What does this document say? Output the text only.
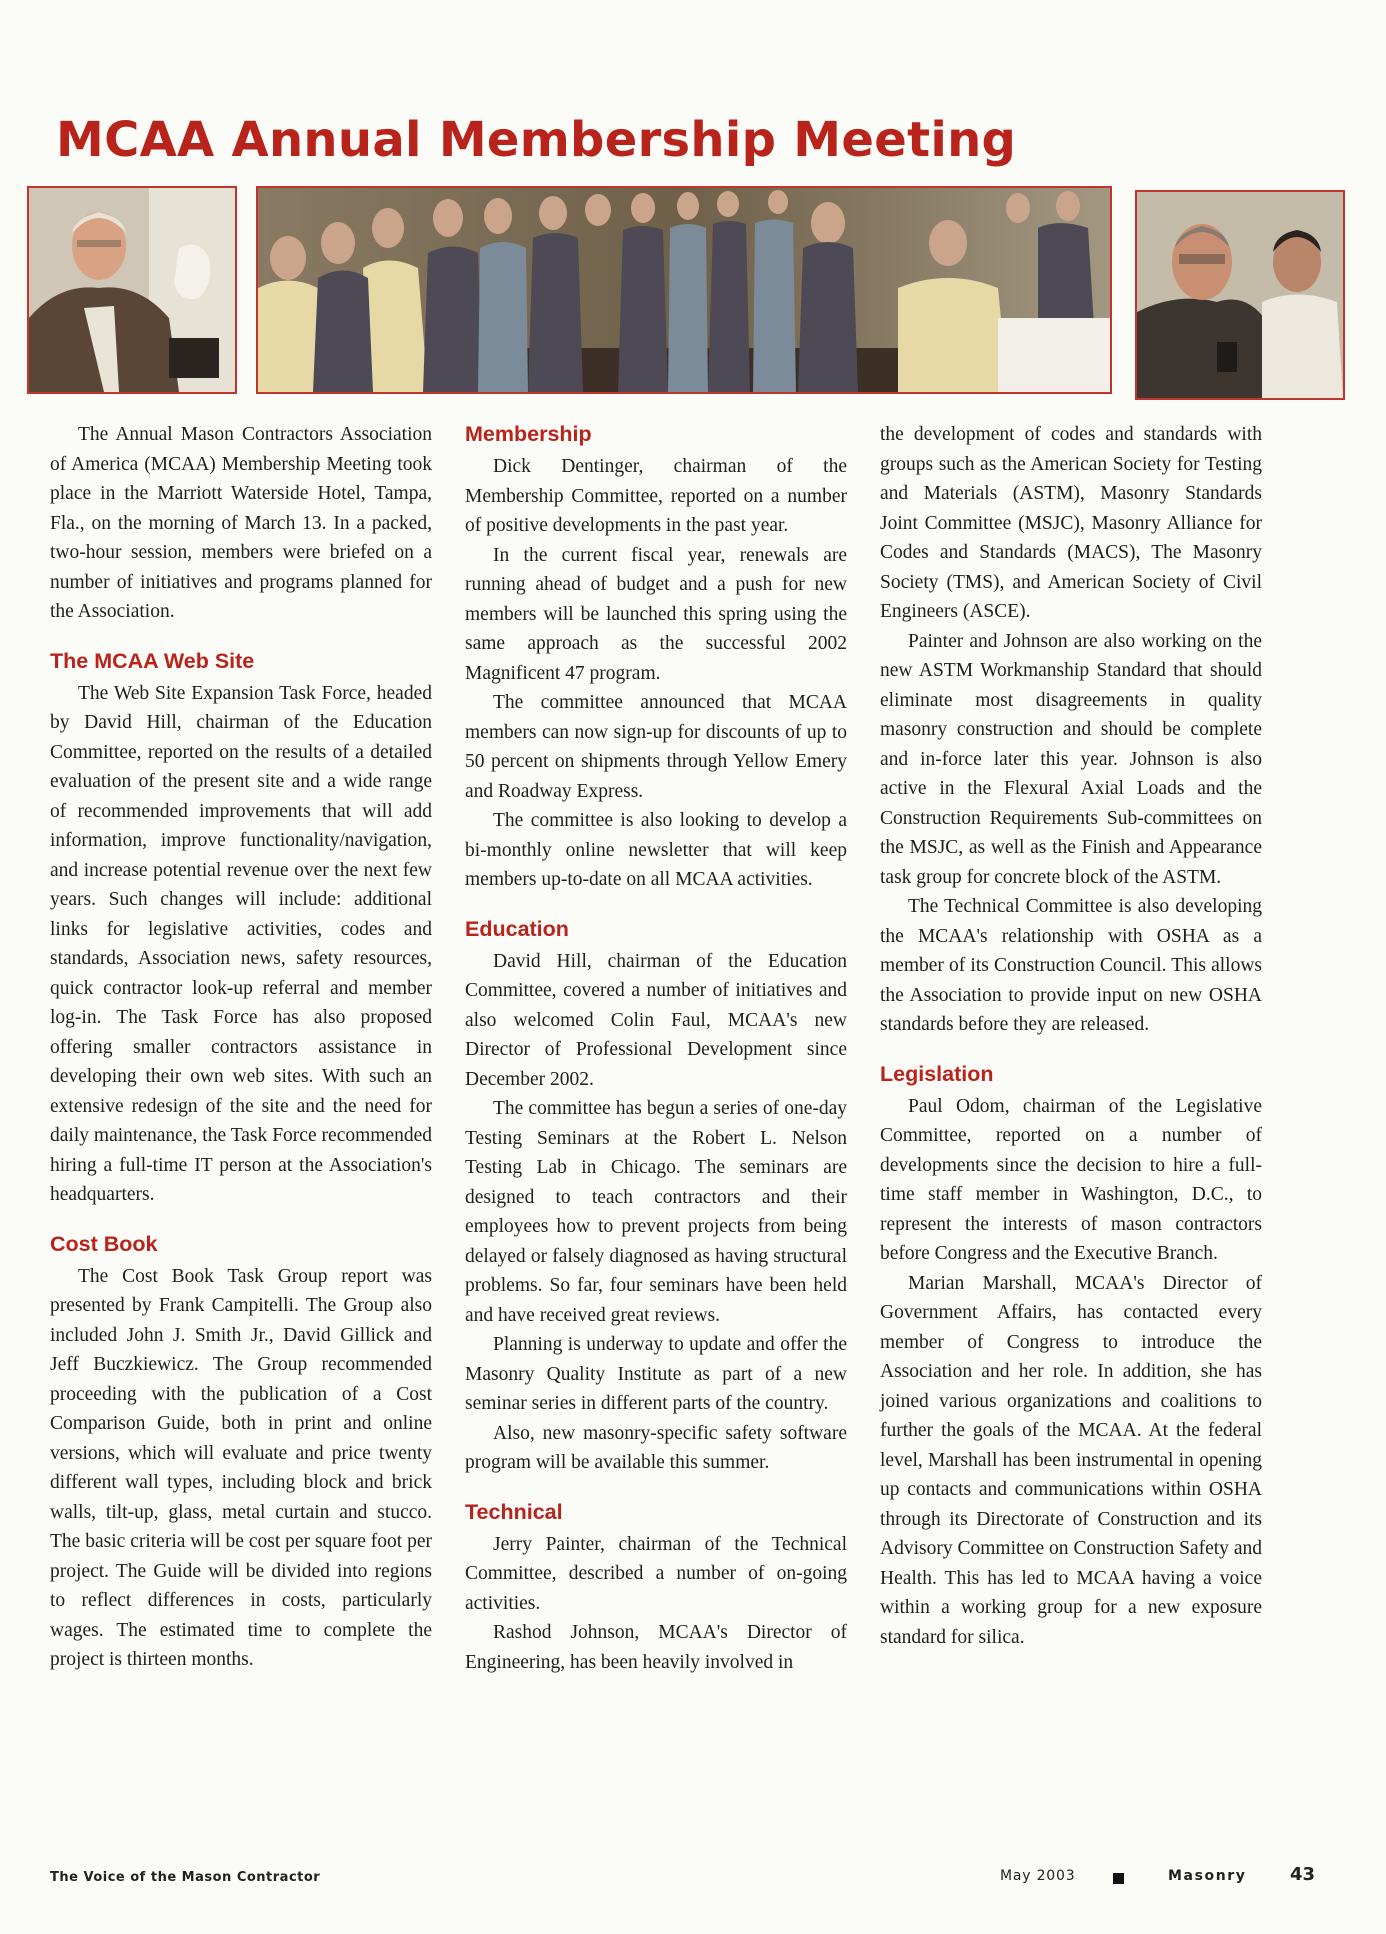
MCAA Annual Membership Meeting

The Annual Mason Contractors Association of America (MCAA) Membership Meeting took place in the Marriott Waterside Hotel, Tampa, Fla., on the morning of March 13. In a packed, two-hour session, members were briefed on a number of initiatives and programs planned for the Association.

The MCAA Web Site

The Web Site Expansion Task Force, headed by David Hill, chairman of the Education Committee, reported on the results of a detailed evaluation of the present site and a wide range of recommended improvements that will add information, improve functionality/navigation, and increase potential revenue over the next few years. Such changes will include: additional links for legislative activities, codes and standards, Association news, safety resources, quick contractor look-up referral and member log-in. The Task Force has also proposed offering smaller contractors assistance in developing their own web sites. With such an extensive redesign of the site and the need for daily maintenance, the Task Force recommended hiring a full-time IT person at the Association's headquarters.

Cost Book

The Cost Book Task Group report was presented by Frank Campitelli. The Group also included John J. Smith Jr., David Gillick and Jeff Buczkiewicz. The Group recommended proceeding with the publication of a Cost Comparison Guide, both in print and online versions, which will evaluate and price twenty different wall types, including block and brick walls, tilt-up, glass, metal curtain and stucco. The basic criteria will be cost per square foot per project. The Guide will be divided into regions to reflect differences in costs, particularly wages. The estimated time to complete the project is thirteen months.

Membership

Dick Dentinger, chairman of the Membership Committee, reported on a number of positive developments in the past year.

In the current fiscal year, renewals are running ahead of budget and a push for new members will be launched this spring using the same approach as the successful 2002 Magnificent 47 program.

The committee announced that MCAA members can now sign-up for discounts of up to 50 percent on shipments through Yellow Emery and Roadway Express.

The committee is also looking to develop a bi-monthly online newsletter that will keep members up-to-date on all MCAA activities.

Education

David Hill, chairman of the Education Committee, covered a number of initiatives and also welcomed Colin Faul, MCAA's new Director of Professional Development since December 2002.

The committee has begun a series of one-day Testing Seminars at the Robert L. Nelson Testing Lab in Chicago. The seminars are designed to teach contractors and their employees how to prevent projects from being delayed or falsely diagnosed as having structural problems. So far, four seminars have been held and have received great reviews.

Planning is underway to update and offer the Masonry Quality Institute as part of a new seminar series in different parts of the country.

Also, new masonry-specific safety software program will be available this summer.

Technical

Jerry Painter, chairman of the Technical Committee, described a number of on-going activities.

Rashod Johnson, MCAA's Director of Engineering, has been heavily involved in

the development of codes and standards with groups such as the American Society for Testing and Materials (ASTM), Masonry Standards Joint Committee (MSJC), Masonry Alliance for Codes and Standards (MACS), The Masonry Society (TMS), and American Society of Civil Engineers (ASCE).

Painter and Johnson are also working on the new ASTM Workmanship Standard that should eliminate most disagreements in quality masonry construction and should be complete and in-force later this year. Johnson is also active in the Flexural Axial Loads and the Construction Requirements Sub-committees on the MSJC, as well as the Finish and Appearance task group for concrete block of the ASTM.

The Technical Committee is also developing the MCAA's relationship with OSHA as a member of its Construction Council. This allows the Association to provide input on new OSHA standards before they are released.

Legislation

Paul Odom, chairman of the Legislative Committee, reported on a number of developments since the decision to hire a full-time staff member in Washington, D.C., to represent the interests of mason contractors before Congress and the Executive Branch.

Marian Marshall, MCAA's Director of Government Affairs, has contacted every member of Congress to introduce the Association and her role. In addition, she has joined various organizations and coalitions to further the goals of the MCAA. At the federal level, Marshall has been instrumental in opening up contacts and communications within OSHA through its Directorate of Construction and its Advisory Committee on Construction Safety and Health. This has led to MCAA having a voice within a working group for a new exposure standard for silica.

The Voice of the Mason Contractor	May 2003	Masonry 43
